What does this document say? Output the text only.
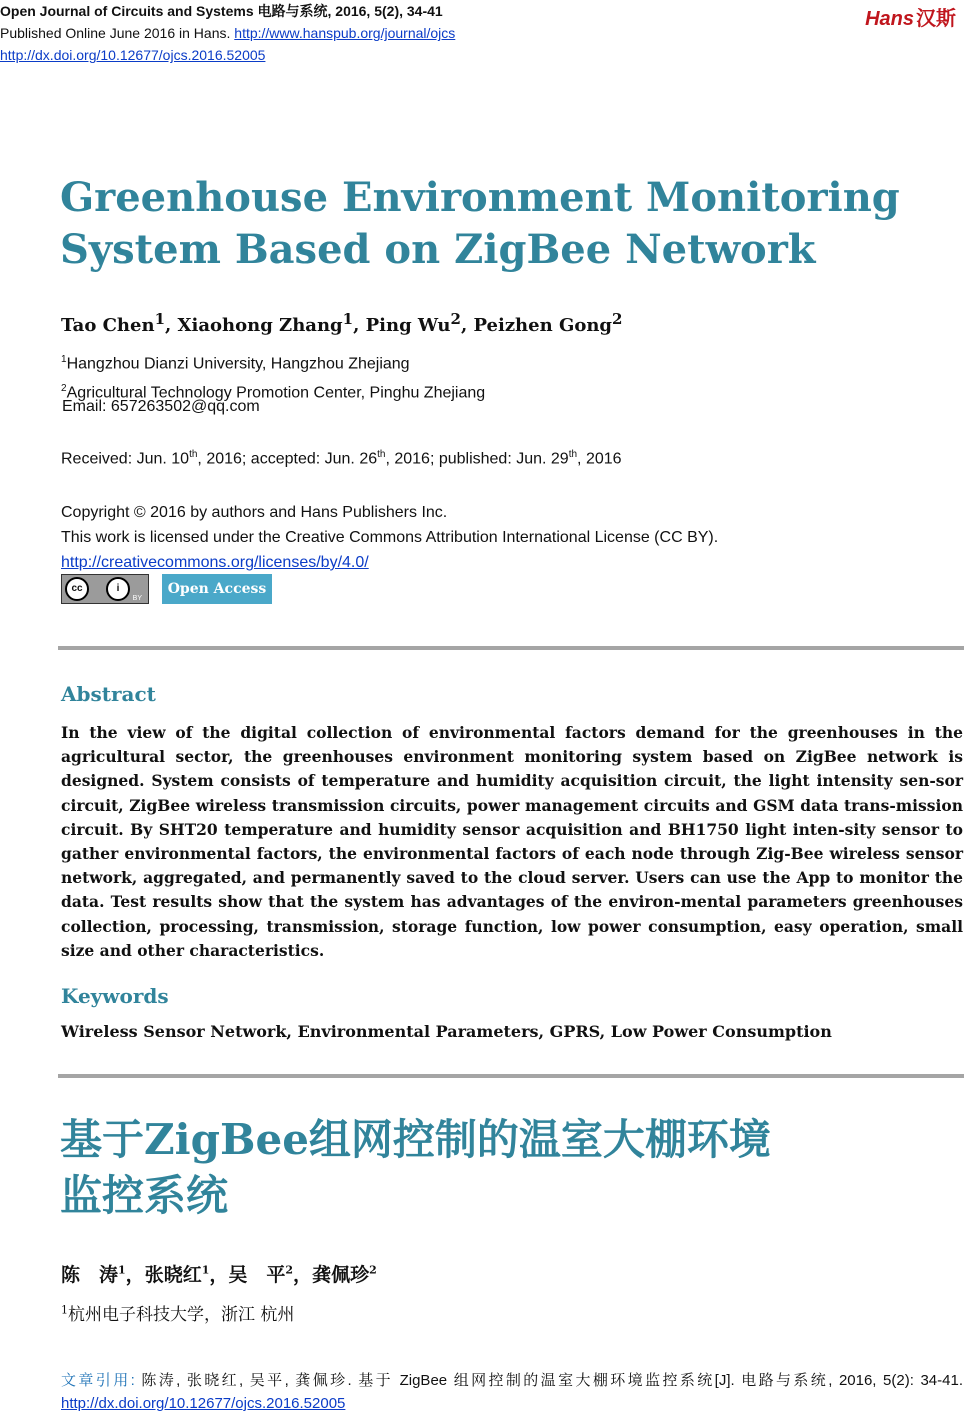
Open Journal of Circuits and Systems 电路与系统, 2016, 5(2), 34-41
Published Online June 2016 in Hans. http://www.hanspub.org/journal/ojcs
http://dx.doi.org/10.12677/ojcs.2016.52005
Hans 汉斯
Greenhouse Environment Monitoring System Based on ZigBee Network
Tao Chen$^1$, Xiaohong Zhang$^1$, Ping Wu$^2$, Peizhen Gong$^2$
$^1$Hangzhou Dianzi University, Hangzhou Zhejiang
$^2$Agricultural Technology Promotion Center, Pinghu Zhejiang
Email: 657263502@qq.com
Received: Jun. 10th, 2016; accepted: Jun. 26th, 2016; published: Jun. 29th, 2016
Copyright © 2016 by authors and Hans Publishers Inc.
This work is licensed under the Creative Commons Attribution International License (CC BY).
http://creativecommons.org/licenses/by/4.0/
cc	i
BY
Open Access
Abstract

In the view of the digital collection of environmental factors demand for the greenhouses in the agricultural sector, the greenhouses environment monitoring system based on ZigBee network is designed. System consists of temperature and humidity acquisition circuit, the light intensity sen-sor circuit, ZigBee wireless transmission circuits, power management circuits and GSM data trans-mission circuit. By SHT20 temperature and humidity sensor acquisition and BH1750 light inten-sity sensor to gather environmental factors, the environmental factors of each node through Zig-Bee wireless sensor network, aggregated, and permanently saved to the cloud server. Users can use the App to monitor the data. Test results show that the system has advantages of the environ-mental parameters greenhouses collection, processing, transmission, storage function, low power consumption, easy operation, small size and other characteristics.

Keywords
Wireless Sensor Network, Environmental Parameters, GPRS, Low Power Consumption
基于ZigBee组网控制的温室大棚环境
监控系统
陈　涛$^1$，张晓红$^1$，吴　平$^2$，龚佩珍$^2$
$^1$杭州电子科技大学，浙江 杭州
文章引用: 陈涛, 张晓红, 吴平, 龚佩珍. 基于 ZigBee 组网控制的温室大棚环境监控系统[J]. 电路与系统, 2016, 5(2): 34-41. http://dx.doi.org/10.12677/ojcs.2016.52005
